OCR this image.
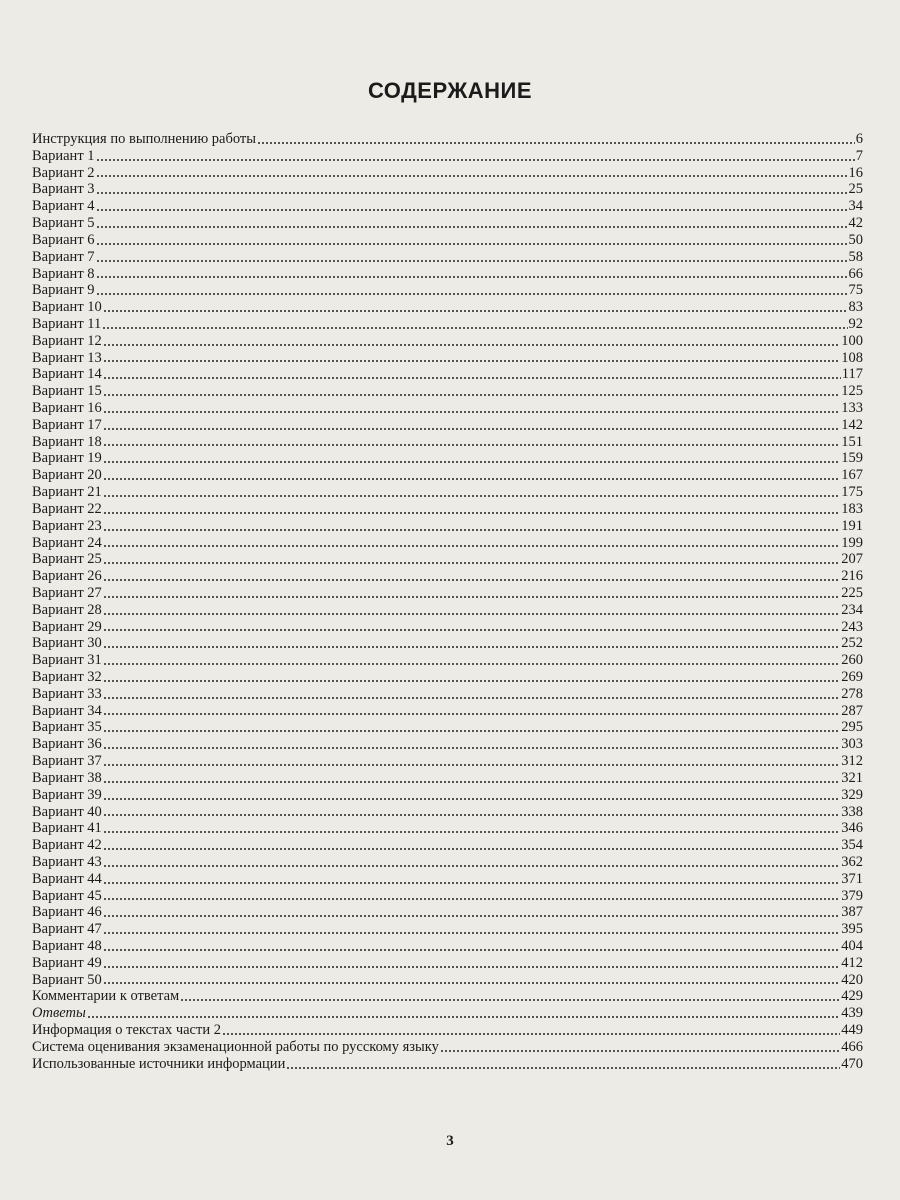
СОДЕРЖАНИЕ
Инструкция по выполнению работы	6
Вариант 1	7
Вариант 2	16
Вариант 3	25
Вариант 4	34
Вариант 5	42
Вариант 6	50
Вариант 7	58
Вариант 8	66
Вариант 9	75
Вариант 10	83
Вариант 11	92
Вариант 12	100
Вариант 13	108
Вариант 14	117
Вариант 15	125
Вариант 16	133
Вариант 17	142
Вариант 18	151
Вариант 19	159
Вариант 20	167
Вариант 21	175
Вариант 22	183
Вариант 23	191
Вариант 24	199
Вариант 25	207
Вариант 26	216
Вариант 27	225
Вариант 28	234
Вариант 29	243
Вариант 30	252
Вариант 31	260
Вариант 32	269
Вариант 33	278
Вариант 34	287
Вариант 35	295
Вариант 36	303
Вариант 37	312
Вариант 38	321
Вариант 39	329
Вариант 40	338
Вариант 41	346
Вариант 42	354
Вариант 43	362
Вариант 44	371
Вариант 45	379
Вариант 46	387
Вариант 47	395
Вариант 48	404
Вариант 49	412
Вариант 50	420
Комментарии к ответам	429
Ответы	439
Информация о текстах части 2	449
Система оценивания экзаменационной работы по русскому языку	466
Использованные источники информации	470
3
